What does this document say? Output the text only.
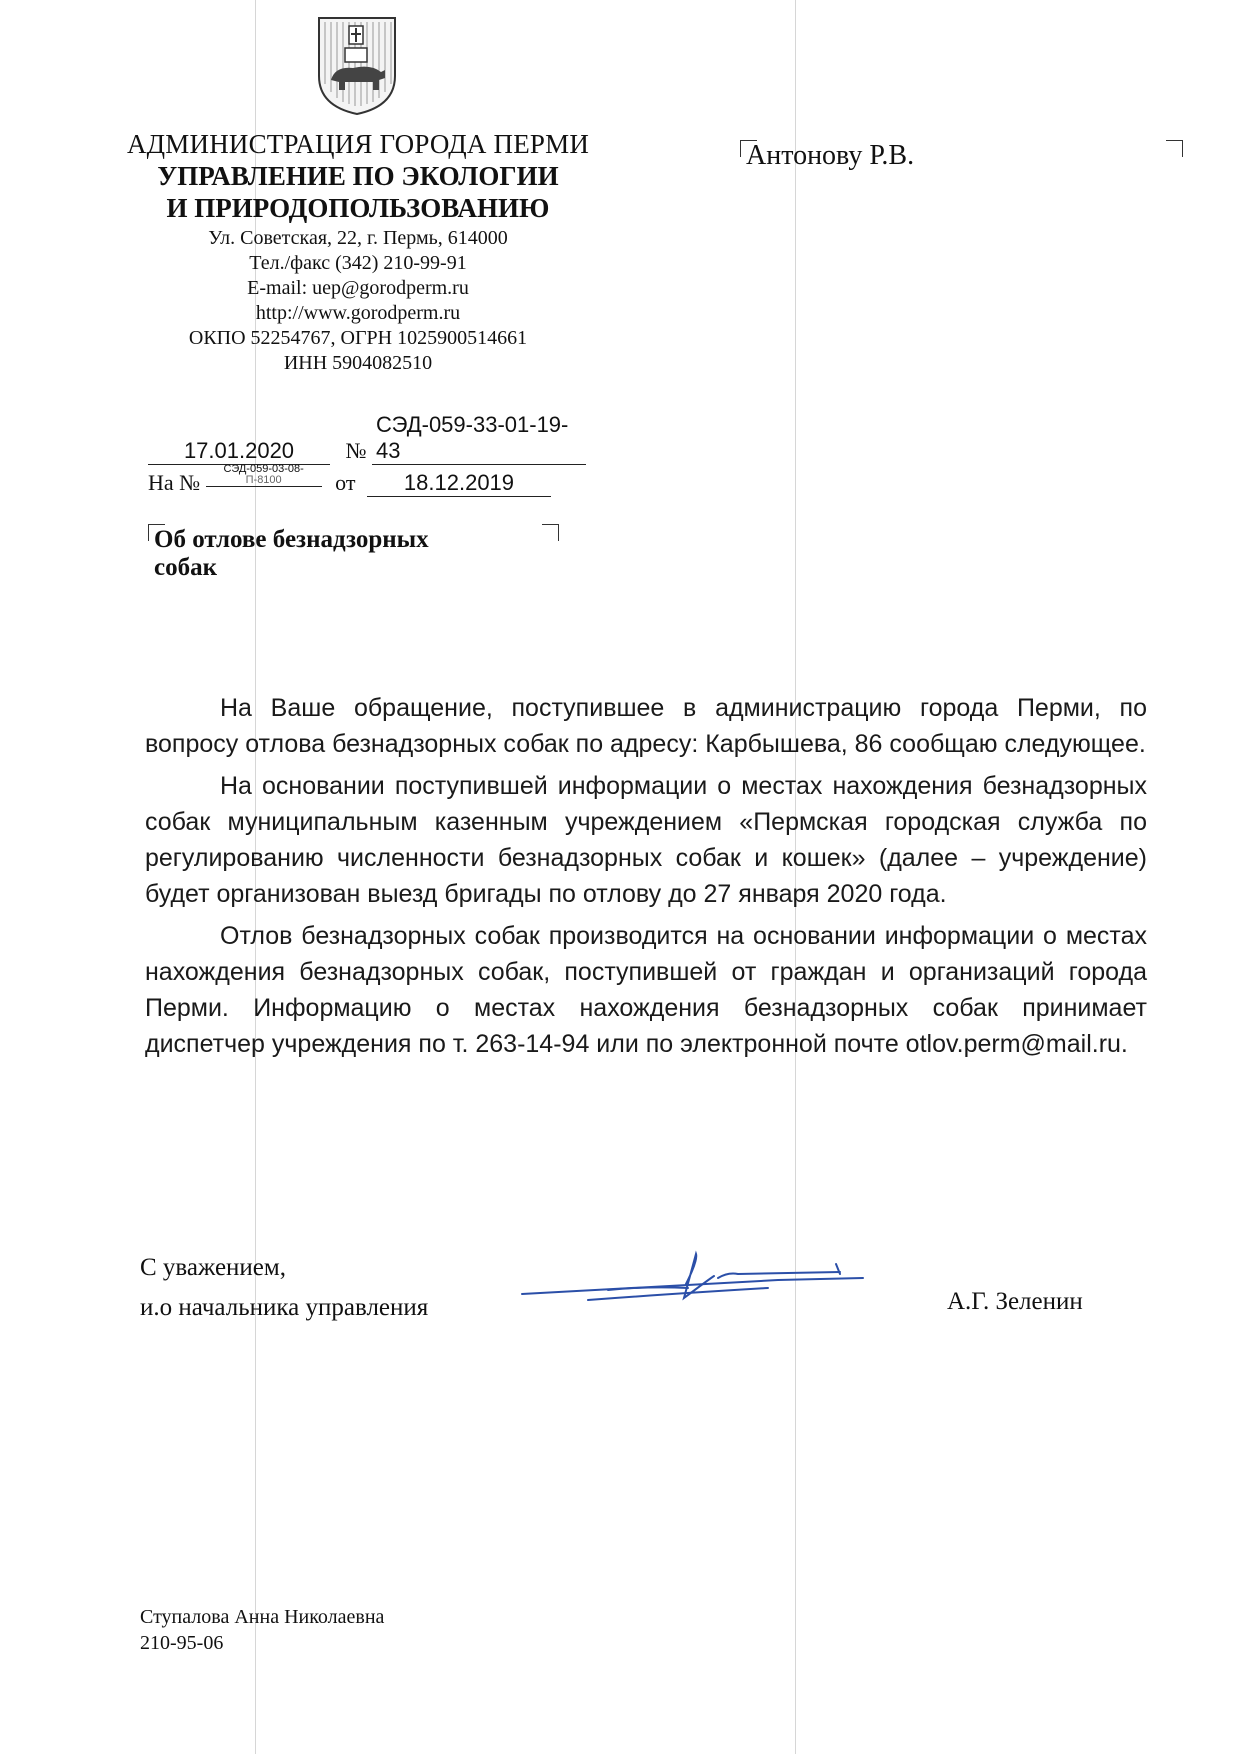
АДМИНИСТРАЦИЯ ГОРОДА ПЕРМИ
УПРАВЛЕНИЕ ПО ЭКОЛОГИИ
И ПРИРОДОПОЛЬЗОВАНИЮ
Ул. Советская, 22, г. Пермь, 614000
Тел./факс (342) 210-99-91
E-mail: uep@gorodperm.ru
http://www.gorodperm.ru
ОКПО 52254767, ОГРН 1025900514661
ИНН 5904082510
Антонову Р.В.
17.01.2020 № СЭД-059-33-01-19-43
На №
СЭД-059-03-08-
П-8100	от 18.12.2019
Об отлове безнадзорных
собак

На Ваше обращение, поступившее в администрацию города Перми, по вопросу отлова безнадзорных собак по адресу: Карбышева, 86 сообщаю следующее.

На основании поступившей информации о местах нахождения безнадзорных собак муниципальным казенным учреждением «Пермская городская служба по регулированию численности безнадзорных собак и кошек» (далее – учреждение) будет организован выезд бригады по отлову до 27 января 2020 года.

Отлов безнадзорных собак производится на основании информации о местах нахождения безнадзорных собак, поступившей от граждан и организаций города Перми. Информацию о местах нахождения безнадзорных собак принимает диспетчер учреждения по т. 263-14-94 или по электронной почте otlov.perm@mail.ru.

С уважением,
и.о начальника управления	А.Г. Зеленин
Ступалова Анна Николаевна
210-95-06
